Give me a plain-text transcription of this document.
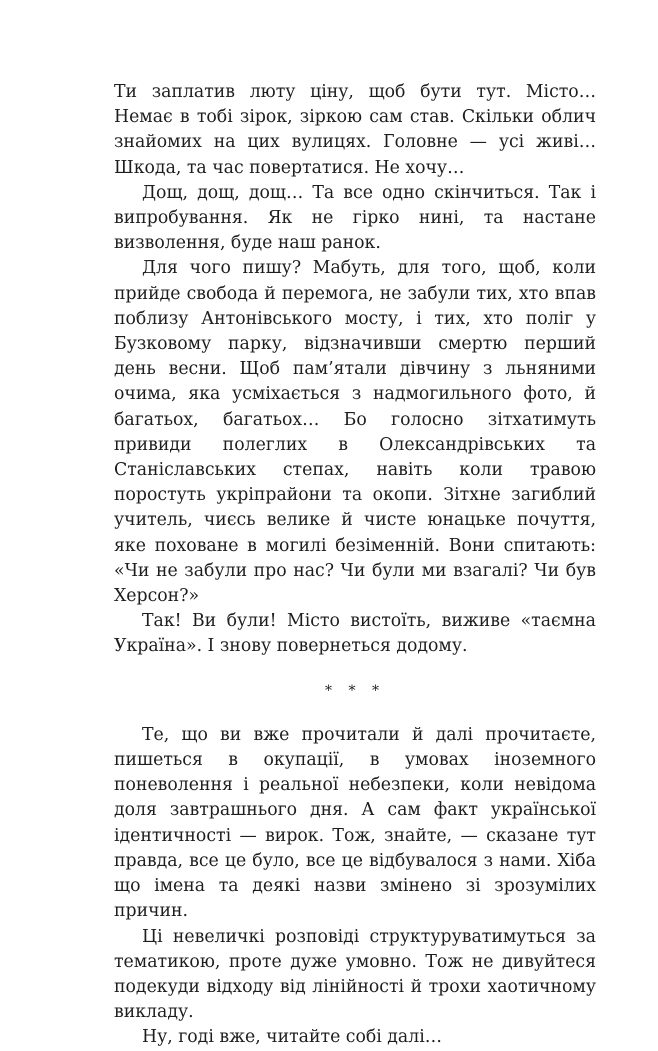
Ти заплатив люту ціну, щоб бути тут. Місто… Немає в тобі зірок, зіркою сам став. Скільки облич знайомих на цих вулицях. Головне — усі живі… Шкода, та час повертатися. Не хочу…

Дощ, дощ, дощ… Та все одно скінчиться. Так і випробування. Як не гірко нині, та настане визволення, буде наш ранок.

Для чого пишу? Мабуть, для того, щоб, коли прийде свобода й перемога, не забули тих, хто впав поблизу Антонівського мосту, і тих, хто поліг у Бузковому парку, відзначивши смертю перший день весни. Щоб пам’ятали дівчину з льняними очима, яка усміхається з надмогильного фото, й багатьох, багатьох… Бо голосно зітхатимуть привиди полеглих в Олександрівських та Станіславських степах, навіть коли травою поростуть укріпрайони та окопи. Зітхне загиблий учитель, чиєсь велике й чисте юнацьке почуття, яке поховане в могилі безіменній. Вони спитають: «Чи не забули про нас? Чи були ми взагалі? Чи був Херсон?»

Так! Ви були! Місто вистоїть, виживе «таємна Україна». І знову повернеться додому.

* * *

Те, що ви вже прочитали й далі прочитаєте, пишеться в окупації, в умовах іноземного поневолення і реальної небезпеки, коли невідома доля завтрашнього дня. А сам факт української ідентичності — вирок. Тож, знайте, — сказане тут правда, все це було, все це відбувалося з нами. Хіба що імена та деякі назви змінено зі зрозумілих причин.

Ці невеличкі розповіді структуруватимуться за тематикою, проте дуже умовно. Тож не дивуйтеся подекуди відходу від лінійності й трохи хаотичному викладу.

Ну, годі вже, читайте собі далі…
